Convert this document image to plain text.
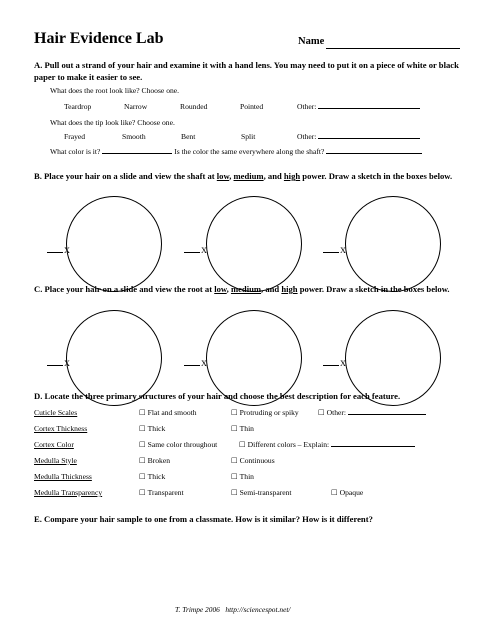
Hair Evidence Lab	Name
A. Pull out a strand of your hair and examine it with a hand lens. You may need to put it on a piece of white or black paper to make it easier to see.
What does the root look like? Choose one.
Teardrop	Narrow	Rounded	Pointed	Other:
What does the tip look like? Choose one.
Frayed	Smooth	Bent	Split	Other:
What color is it?	Is the color the same everywhere along the shaft?
B. Place your hair on a slide and view the shaft at low, medium, and high power. Draw a sketch in the boxes below.
X	X	X
C. Place your hair on a slide and view the root at low, medium, and high power. Draw a sketch in the boxes below.
X	X	X
D. Locate the three primary structures of your hair and choose the best description for each feature.
Cuticle Scales	☐ Flat and smooth	☐ Protruding or spiky	☐ Other:
Cortex Thickness	☐ Thick	☐ Thin
Cortex Color	☐ Same color throughout	☐ Different colors – Explain:
Medulla Style	☐ Broken	☐ Continuous
Medulla Thickness	☐ Thick	☐ Thin
Medulla Transparency	☐ Transparent	☐ Semi-transparent	☐ Opaque
E. Compare your hair sample to one from a classmate. How is it similar? How is it different?
T. Trimpe 2006 http://sciencespot.net/
